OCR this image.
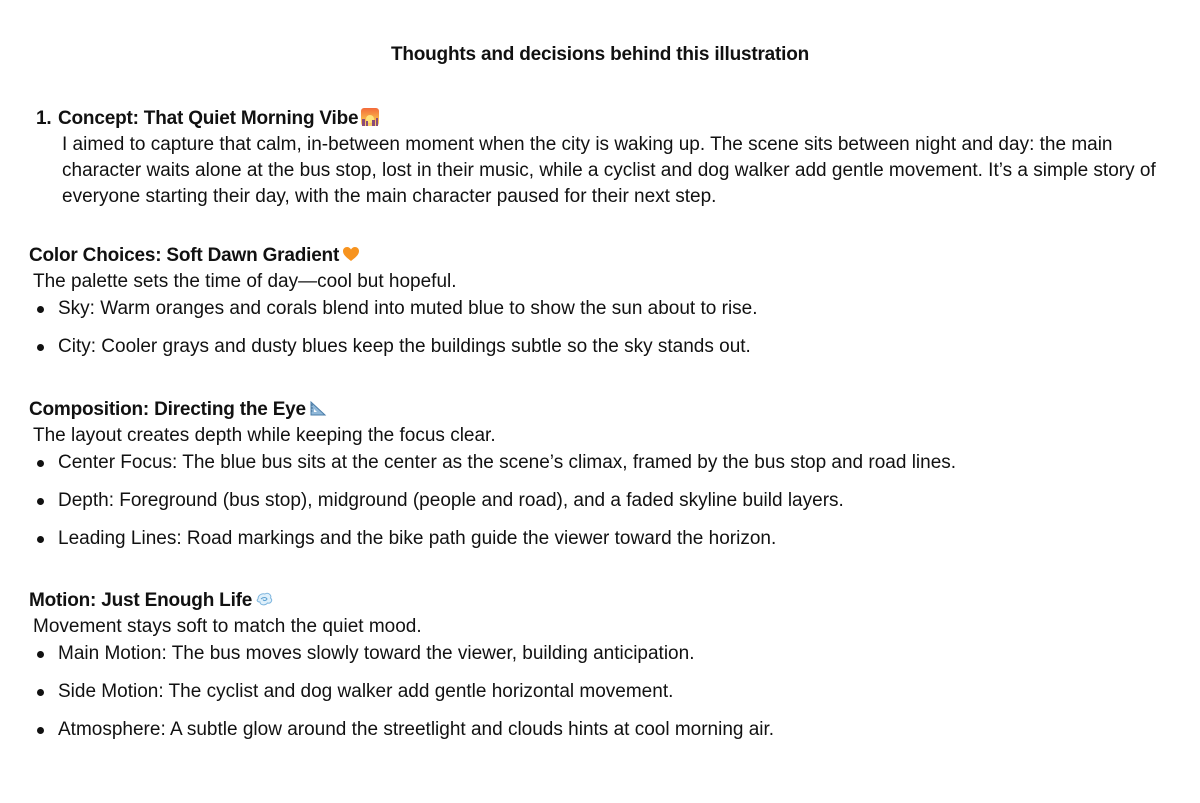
Thoughts and decisions behind this illustration
1. Concept: That Quiet Morning Vibe
I aimed to capture that calm, in-between moment when the city is waking up. The scene sits between night and day: the main character waits alone at the bus stop, lost in their music, while a cyclist and dog walker add gentle movement. It’s a simple story of everyone starting their day, with the main character paused for their next step.
Color Choices: Soft Dawn Gradient
The palette sets the time of day—cool but hopeful.
Sky: Warm oranges and corals blend into muted blue to show the sun about to rise.
City: Cooler grays and dusty blues keep the buildings subtle so the sky stands out.
Composition: Directing the Eye
The layout creates depth while keeping the focus clear.
Center Focus: The blue bus sits at the center as the scene’s climax, framed by the bus stop and road lines.
Depth: Foreground (bus stop), midground (people and road), and a faded skyline build layers.
Leading Lines: Road markings and the bike path guide the viewer toward the horizon.
Motion: Just Enough Life
Movement stays soft to match the quiet mood.
Main Motion: The bus moves slowly toward the viewer, building anticipation.
Side Motion: The cyclist and dog walker add gentle horizontal movement.
Atmosphere: A subtle glow around the streetlight and clouds hints at cool morning air.
